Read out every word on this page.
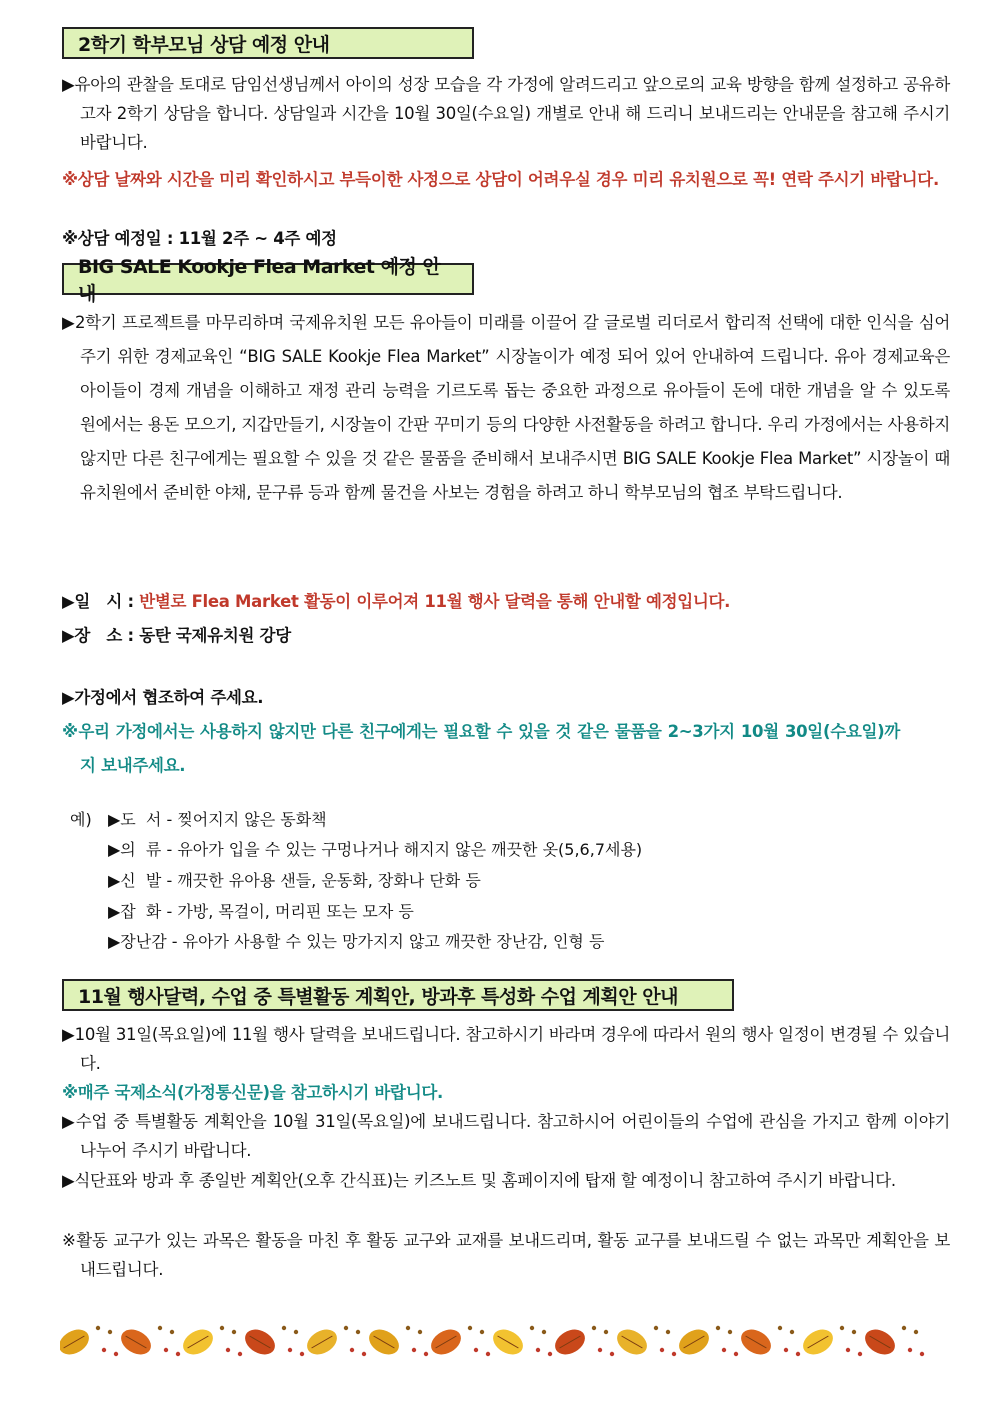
2학기 학부모님 상담 예정 안내
▶유아의 관찰을 토대로 담임선생님께서 아이의 성장 모습을 각 가정에 알려드리고 앞으로의 교육 방향을 함께 설정하고 공유하고자 2학기 상담을 합니다. 상담일과 시간을 10월 30일(수요일) 개별로 안내 해 드리니 보내드리는 안내문을 참고해 주시기 바랍니다.
※상담 날짜와 시간을 미리 확인하시고 부득이한 사정으로 상담이 어려우실 경우 미리 유치원으로 꼭! 연락 주시기 바랍니다.
※상담 예정일 : 11월 2주 ~ 4주 예정
BIG SALE Kookje Flea Market 예정 안내
▶2학기 프로젝트를 마무리하며 국제유치원 모든 유아들이 미래를 이끌어 갈 글로벌 리더로서 합리적 선택에 대한 인식을 심어주기 위한 경제교육인 “BIG SALE Kookje Flea Market” 시장놀이가 예정 되어 있어 안내하여 드립니다. 유아 경제교육은 아이들이 경제 개념을 이해하고 재정 관리 능력을 기르도록 돕는 중요한 과정으로 유아들이 돈에 대한 개념을 알 수 있도록 원에서는 용돈 모으기, 지갑만들기, 시장놀이 간판 꾸미기 등의 다양한 사전활동을 하려고 합니다. 우리 가정에서는 사용하지 않지만 다른 친구에게는 필요할 수 있을 것 같은 물품을 준비해서 보내주시면 BIG SALE Kookje Flea Market” 시장놀이 때 유치원에서 준비한 야채, 문구류 등과 함께 물건을 사보는 경험을 하려고 하니 학부모님의 협조 부탁드립니다.
▶일   시 : 반별로 Flea Market 활동이 이루어져 11월 행사 달력을 통해 안내할 예정입니다.
▶장   소 : 동탄 국제유치원 강당
▶가정에서 협조하여 주세요.
※우리 가정에서는 사용하지 않지만 다른 친구에게는 필요할 수 있을 것 같은 물품을 2~3가지 10월 30일(수요일)까지 보내주세요.
예) ▶도  서 - 찢어지지 않은 동화책
▶의  류 - 유아가 입을 수 있는 구멍나거나 해지지 않은 깨끗한 옷(5,6,7세용)
▶신  발 - 깨끗한 유아용 샌들, 운동화, 장화나 단화 등
▶잡  화 - 가방, 목걸이, 머리핀 또는 모자 등
▶장난감 - 유아가 사용할 수 있는 망가지지 않고 깨끗한 장난감, 인형 등
11월 행사달력, 수업 중 특별활동 계획안, 방과후 특성화 수업 계획안 안내
▶10월 31일(목요일)에 11월 행사 달력을 보내드립니다. 참고하시기 바라며 경우에 따라서 원의 행사 일정이 변경될 수 있습니다.
※매주 국제소식(가정통신문)을 참고하시기 바랍니다.
▶수업 중 특별활동 계획안을 10월 31일(목요일)에 보내드립니다. 참고하시어 어린이들의 수업에 관심을 가지고 함께 이야기 나누어 주시기 바랍니다.
▶식단표와 방과 후 종일반 계획안(오후 간식표)는 키즈노트 및 홈페이지에 탑재 할 예정이니 참고하여 주시기 바랍니다.
※활동 교구가 있는 과목은 활동을 마친 후 활동 교구와 교재를 보내드리며, 활동 교구를 보내드릴 수 없는 과목만 계획안을 보내드립니다.
